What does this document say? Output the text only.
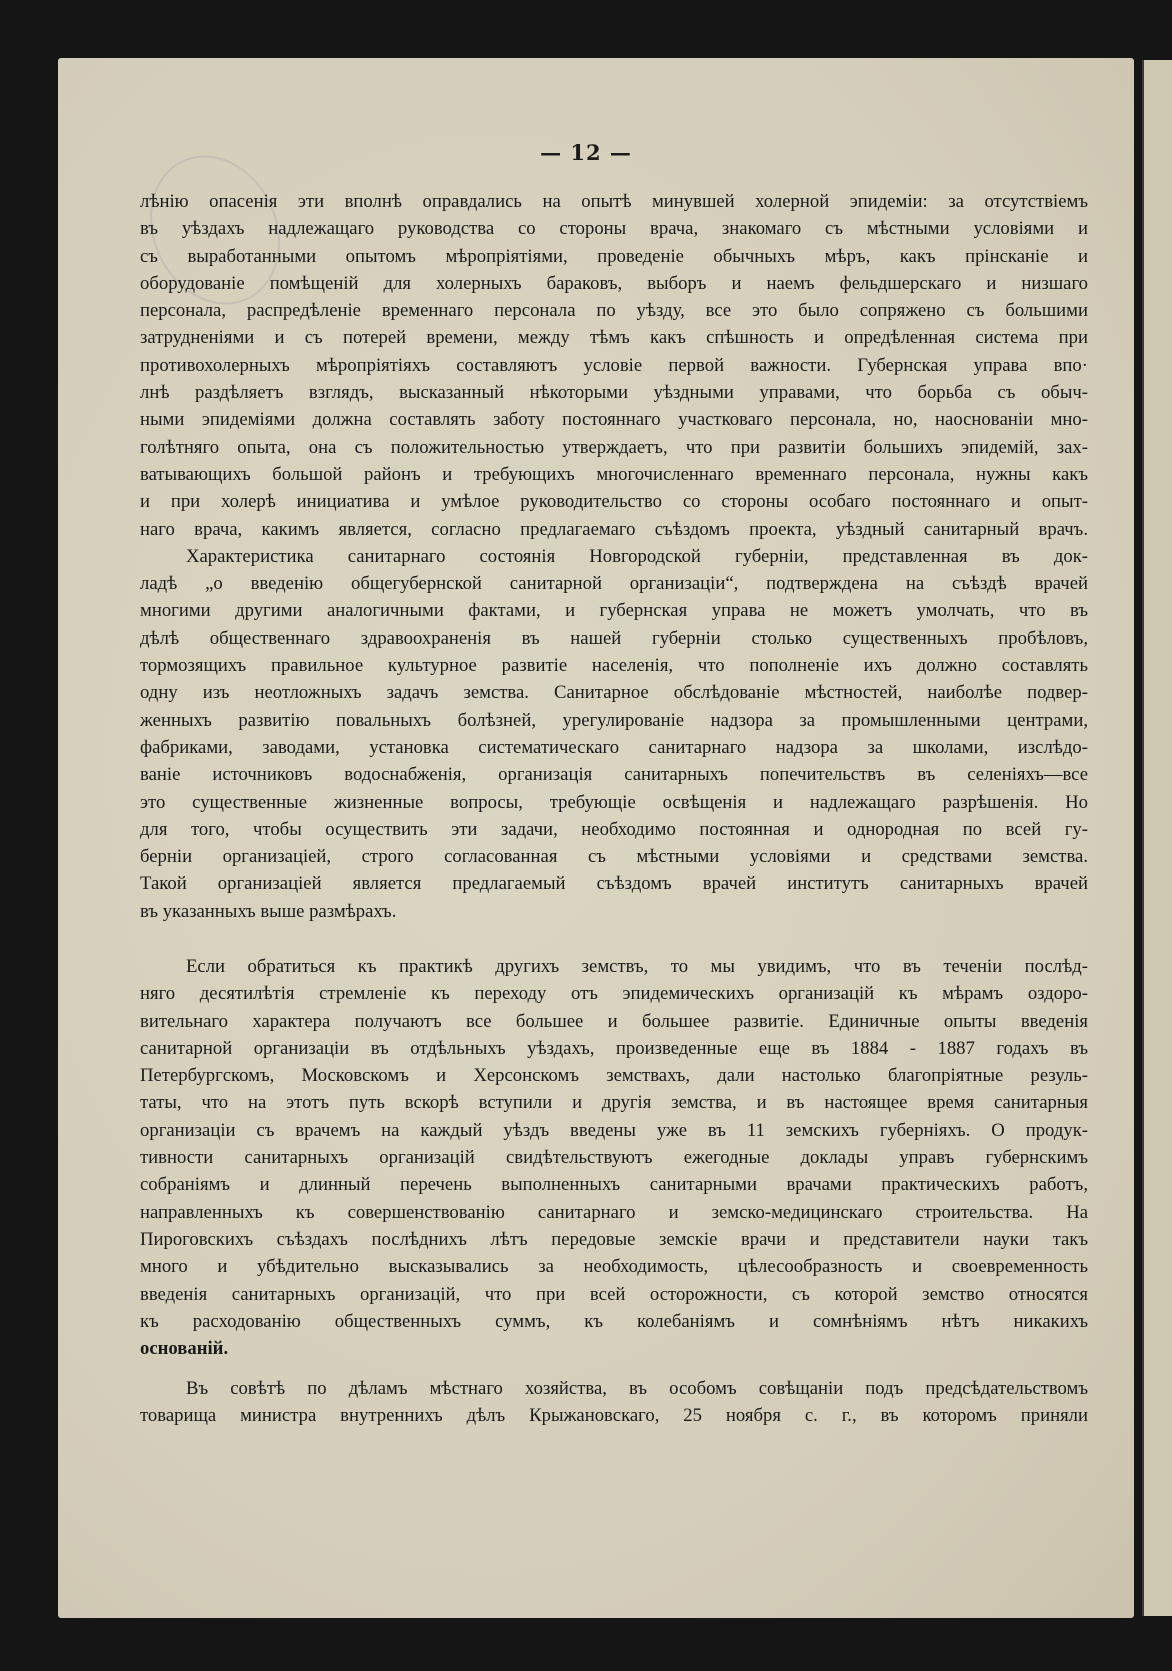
— 12 —
лѣнію опасенія эти вполнѣ оправдались на опытѣ минувшей холерной эпидеміи: за отсутствіемъ
въ уѣздахъ надлежащаго руководства со стороны врача, знакомаго съ мѣстными условіями и
съ выработанными опытомъ мѣропріятіями, проведеніе обычныхъ мѣръ, какъ прінсканіе и
оборудованіе помѣщеній для холерныхъ бараковъ, выборъ и наемъ фельдшерскаго и низшаго
персонала, распредѣленіе временнаго персонала по уѣзду, все это было сопряжено съ большими
затрудненіями и съ потерей времени, между тѣмъ какъ спѣшность и опредѣленная система при
противохолерныхъ мѣропріятіяхъ составляютъ условіе первой важности. Губернская управа впо·
лнѣ раздѣляетъ взглядъ, высказанный нѣкоторыми уѣздными управами, что борьба съ обыч-
ными эпидеміями должна составлять заботу постояннаго участковаго персонала, но, наосновaніи мно-
голѣтняго опыта, она съ положительностью утверждаетъ, что при развитіи большихъ эпидемій, зах-
ватывающихъ большой районъ и требующихъ многочисленнаго временнаго персонала, нужны какъ
и при холерѣ инициатива и умѣлое руководительство со стороны особаго постояннаго и опыт-
наго врача, какимъ является, согласно предлагаемаго съѣздомъ проекта, уѣздный санитарный врачъ.
Характеристика санитарнаго состоянія Новгородской губерніи, представленная въ док-
ладѣ „о введенію общегубернской санитарной организаціи“, подтверждена на съѣздѣ врачей
многими другими аналогичными фактами, и губернская управа не можетъ умолчать, что въ
дѣлѣ общественнаго здравоохраненія въ нашей губерніи столько существенныхъ пробѣловъ,
тормозящихъ правильное культурное развитіе населенія, что пополненіе ихъ должно составлять
одну изъ неотложныхъ задачъ земства. Санитарное обслѣдованіе мѣстностей, наиболѣе подвер-
женныхъ развитію повальныхъ болѣзней, урегулированіе надзора за промышленными центрами,
фабриками, заводами, установка систематическаго санитарнаго надзора за школами, изслѣдо-
ваніе источниковъ водоснабженія, организація санитарныхъ попечительствъ въ селеніяхъ—все
это существенные жизненные вопросы, требующіе освѣщенія и надлежащаго разрѣшенія. Но
для того, чтобы осуществить эти задачи, необходимо постоянная и однородная по всей гу-
берніи организаціей, строго согласованная съ мѣстными условіями и средствами земства.
Такой организаціей является предлагаемый съѣздомъ врачей институтъ санитарныхъ врачей
въ указанныхъ выше размѣрахъ.
Если обратиться къ практикѣ другихъ земствъ, то мы увидимъ, что въ теченіи послѣд-
няго десятилѣтія стремленіе къ переходу отъ эпидемическихъ организацій къ мѣрамъ оздоро-
вительнаго характера получаютъ все большее и большее развитіе. Единичные опыты введенія
санитарной организаціи въ отдѣльныхъ уѣздахъ, произведенные еще въ 1884 - 1887 годахъ въ
Петербургскомъ, Московскомъ и Херсонскомъ земствахъ, дали настолько благопріятные резуль-
таты, что на этотъ путь вскорѣ вступили и другія земства, и въ настоящее время санитарныя
организаціи съ врачемъ на каждый уѣздъ введены уже въ 11 земскихъ губерніяхъ. О продук-
тивности санитарныхъ организацій свидѣтельствуютъ ежегодные доклады управъ губернскимъ
собраніямъ и длинный перечень выполненныхъ санитарными врачами практическихъ работъ,
направленныхъ къ совершенствованію санитарнаго и земско-медицинскаго строительства. На
Пироговскихъ съѣздахъ послѣднихъ лѣтъ передовые земскіе врачи и представители науки такъ
много и убѣдительно высказывались за необходимость, цѣлесообразность и своевременность
введенія санитарныхъ организацій, что при всей осторожности, съ которой земство относятся
къ расходованію общественныхъ суммъ, къ колебаніямъ и сомнѣніямъ нѣтъ никакихъ
основаній.
Въ совѣтѣ по дѣламъ мѣстнаго хозяйства, въ особомъ совѣщаніи подъ предсѣдательствомъ
товарища министра внутреннихъ дѣлъ Крыжановскаго, 25 ноября с. г., въ которомъ приняли
